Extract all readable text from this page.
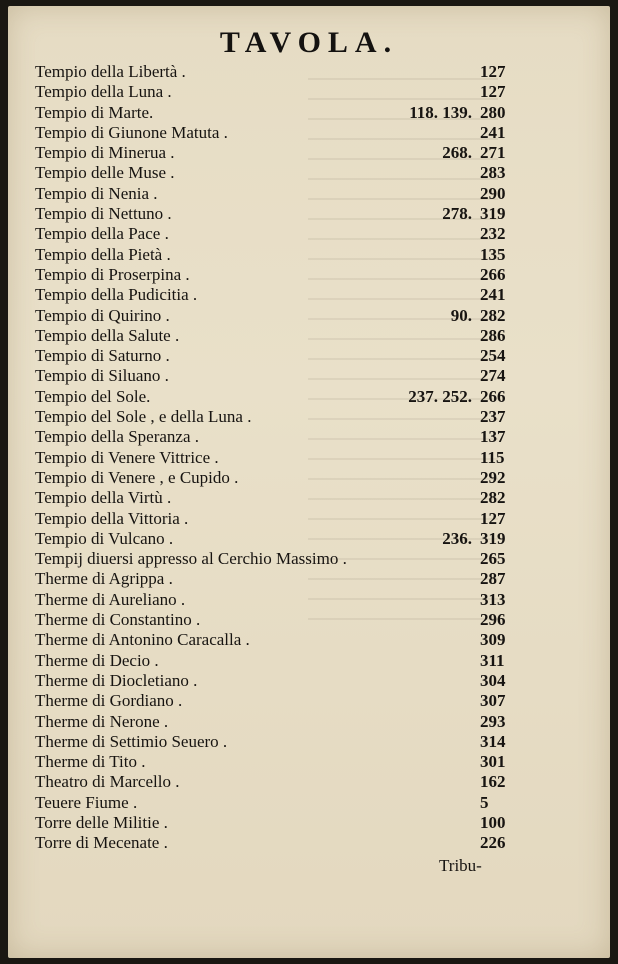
TAVOLA.
Tempio della Libertà .	127
Tempio della Luna .	127
Tempio di Marte.	118. 139. 280
Tempio di Giunone Matuta .	241
Tempio di Minerua .	268. 271
Tempio delle Muse .	283
Tempio di Nenia .	290
Tempio di Nettuno .	278. 319
Tempio della Pace .	232
Tempio della Pietà .	135
Tempio di Proserpina .	266
Tempio della Pudicitia .	241
Tempio di Quirino .	90. 282
Tempio della Salute .	286
Tempio di Saturno .	254
Tempio di Siluano .	274
Tempio del Sole.	237. 252. 266
Tempio del Sole , e della Luna .	237
Tempio della Speranza .	137
Tempio di Venere Vittrice .	115
Tempio di Venere , e Cupido .	292
Tempio della Virtù .	282
Tempio della Vittoria .	127
Tempio di Vulcano .	236. 319
Tempij diuersi appresso al Cerchio Massimo .	265
Therme di Agrippa .	287
Therme di Aureliano .	313
Therme di Constantino .	296
Therme di Antonino Caracalla .	309
Therme di Decio .	311
Therme di Diocletiano .	304
Therme di Gordiano .	307
Therme di Nerone .	293
Therme di Settimio Seuero .	314
Therme di Tito .	301
Theatro di Marcello .	162
Teuere Fiume .	5
Torre delle Militie .	100
Torre di Mecenate .	226
Tribu-
